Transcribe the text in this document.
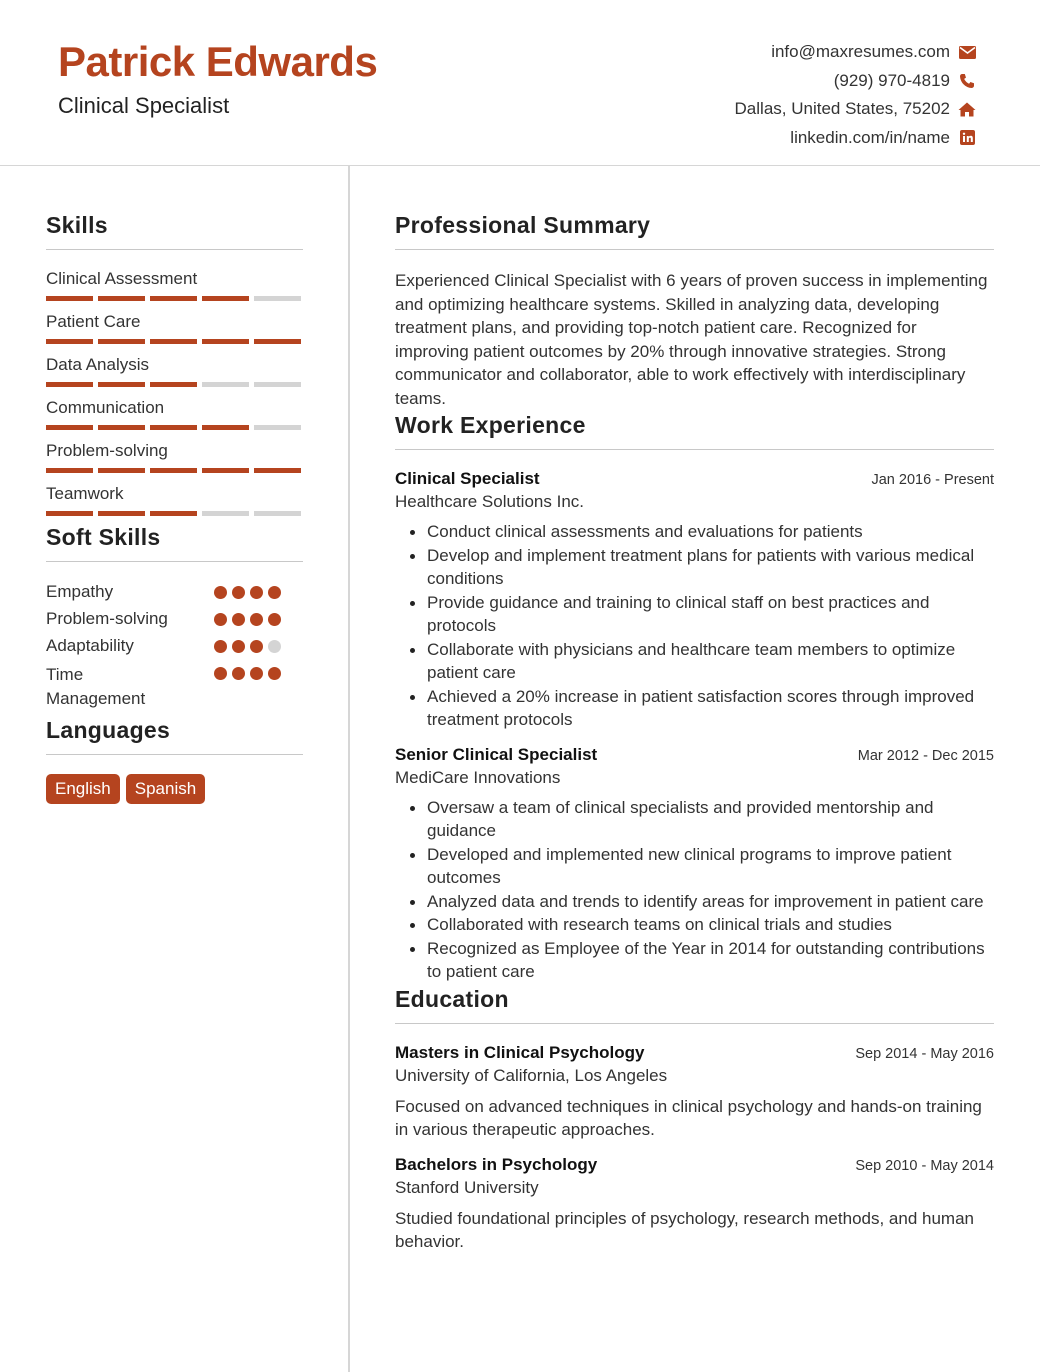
Patrick Edwards
Clinical Specialist
info@maxresumes.com
(929) 970-4819
Dallas, United States, 75202
linkedin.com/in/name
Skills
Clinical Assessment
Patient Care
Data Analysis
Communication
Problem-solving
Teamwork
Soft Skills
Empathy
Problem-solving
Adaptability
Time Management
Languages
English	Spanish
Professional Summary

Experienced Clinical Specialist with 6 years of proven success in implementing and optimizing healthcare systems. Skilled in analyzing data, developing treatment plans, and providing top-notch patient care. Recognized for improving patient outcomes by 20% through innovative strategies. Strong communicator and collaborator, able to work effectively with interdisciplinary teams.

Work Experience
Clinical Specialist	Jan 2016 - Present
Healthcare Solutions Inc.
Conduct clinical assessments and evaluations for patients
Develop and implement treatment plans for patients with various medical conditions
Provide guidance and training to clinical staff on best practices and protocols
Collaborate with physicians and healthcare team members to optimize patient care
Achieved a 20% increase in patient satisfaction scores through improved treatment protocols
Senior Clinical Specialist	Mar 2012 - Dec 2015
MediCare Innovations
Oversaw a team of clinical specialists and provided mentorship and guidance
Developed and implemented new clinical programs to improve patient outcomes
Analyzed data and trends to identify areas for improvement in patient care
Collaborated with research teams on clinical trials and studies
Recognized as Employee of the Year in 2014 for outstanding contributions to patient care
Education
Masters in Clinical Psychology	Sep 2014 - May 2016
University of California, Los Angeles

Focused on advanced techniques in clinical psychology and hands-on training in various therapeutic approaches.

Bachelors in Psychology	Sep 2010 - May 2014
Stanford University

Studied foundational principles of psychology, research methods, and human behavior.
